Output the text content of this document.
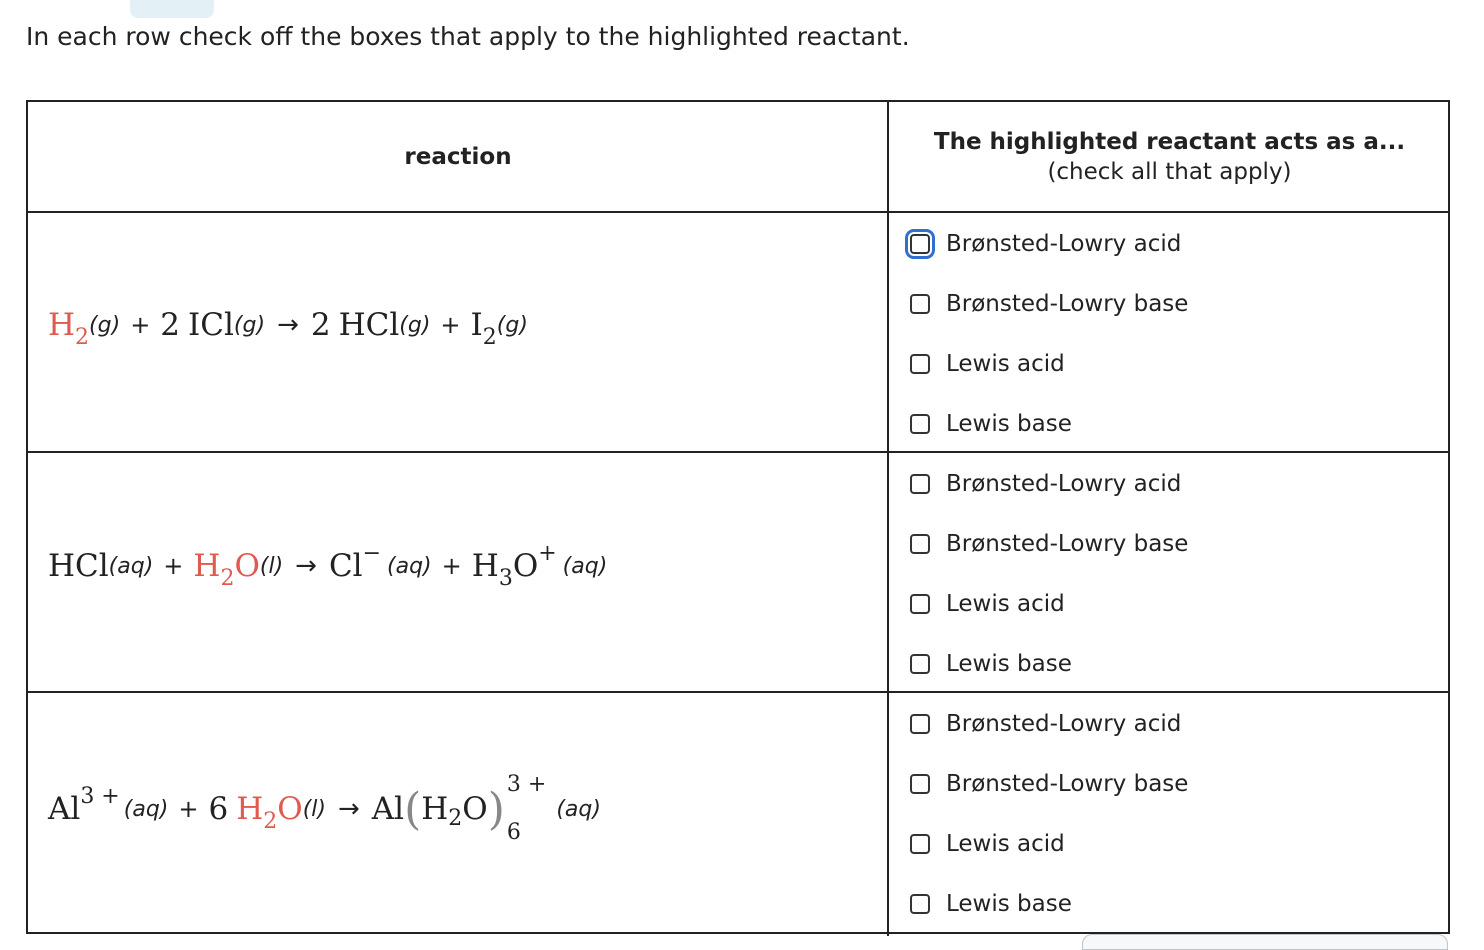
In each row check off the boxes that apply to the highlighted reactant.
reaction
The highlighted reactant acts as a...
(check all that apply)
$H_2$ (g) + 2 ICl (g) → 2 HCl $(g) + I_2$ (g)
HCl $(aq) + H_2O$ (l) → Cl− $(aq) + H_3O^+$ (aq)
$Al^{3 +}$ (aq) + 6 $H_2O$ (l) → Al ( H 2 O ) 3 +
6
(aq)
Brønsted-Lowry acid
Brønsted-Lowry base
Lewis acid
Lewis base
Brønsted-Lowry acid
Brønsted-Lowry base
Lewis acid
Lewis base
Brønsted-Lowry acid
Brønsted-Lowry base
Lewis acid
Lewis base
